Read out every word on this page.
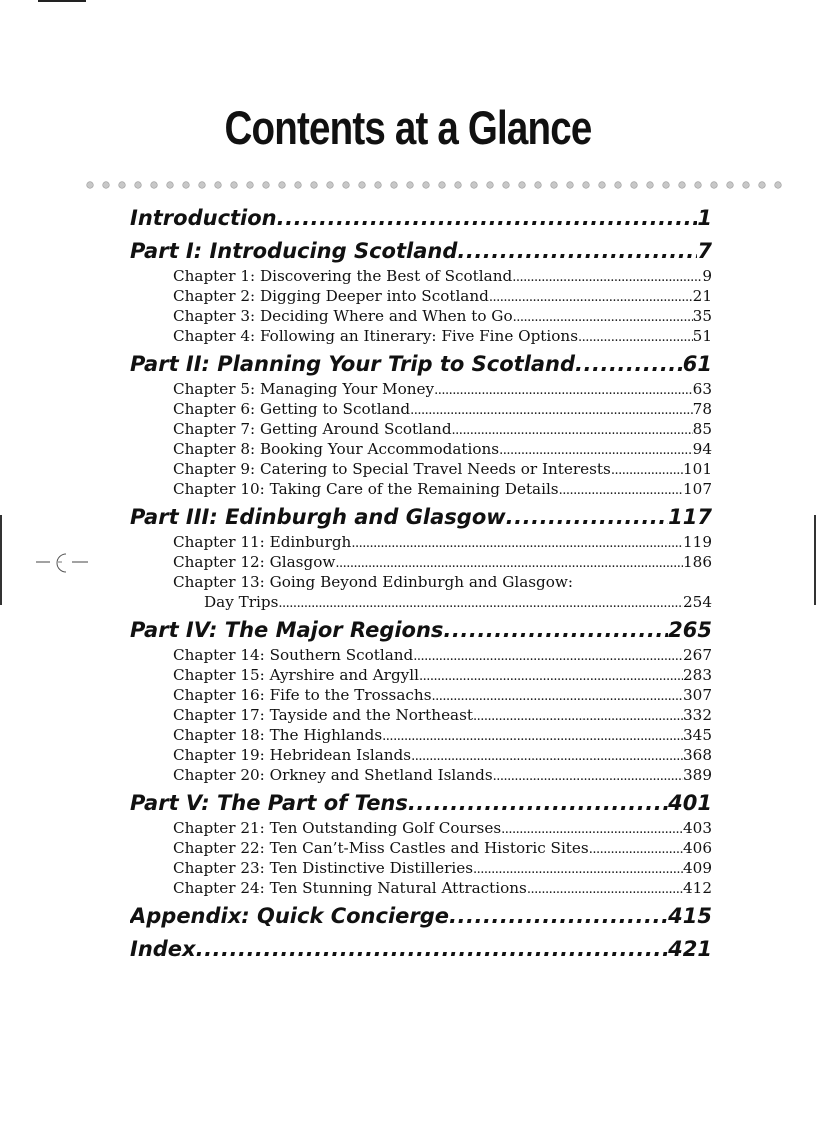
Contents at a Glance
Introduction .....	1
Part I: Introducing Scotland .....	7
Chapter 1: Discovering the Best of Scotland .....	9
Chapter 2: Digging Deeper into Scotland .....	21
Chapter 3: Deciding Where and When to Go .....	35
Chapter 4: Following an Itinerary: Five Fine Options .....	51
Part II: Planning Your Trip to Scotland .....	61
Chapter 5: Managing Your Money .....	63
Chapter 6: Getting to Scotland .....	78
Chapter 7: Getting Around Scotland .....	85
Chapter 8: Booking Your Accommodations .....	94
Chapter 9: Catering to Special Travel Needs or Interests .....	101
Chapter 10: Taking Care of the Remaining Details .....	107
Part III: Edinburgh and Glasgow .....	117
Chapter 11: Edinburgh .....	119
Chapter 12: Glasgow .....	186
Chapter 13: Going Beyond Edinburgh and Glasgow:
Day Trips .....	254
Part IV: The Major Regions .....	265
Chapter 14: Southern Scotland .....	267
Chapter 15: Ayrshire and Argyll .....	283
Chapter 16: Fife to the Trossachs .....	307
Chapter 17: Tayside and the Northeast .....	332
Chapter 18: The Highlands .....	345
Chapter 19: Hebridean Islands .....	368
Chapter 20: Orkney and Shetland Islands .....	389
Part V: The Part of Tens .....	401
Chapter 21: Ten Outstanding Golf Courses .....	403
Chapter 22: Ten Can’t-Miss Castles and Historic Sites .....	406
Chapter 23: Ten Distinctive Distilleries .....	409
Chapter 24: Ten Stunning Natural Attractions .....	412
Appendix: Quick Concierge .....	415
Index .....	421
